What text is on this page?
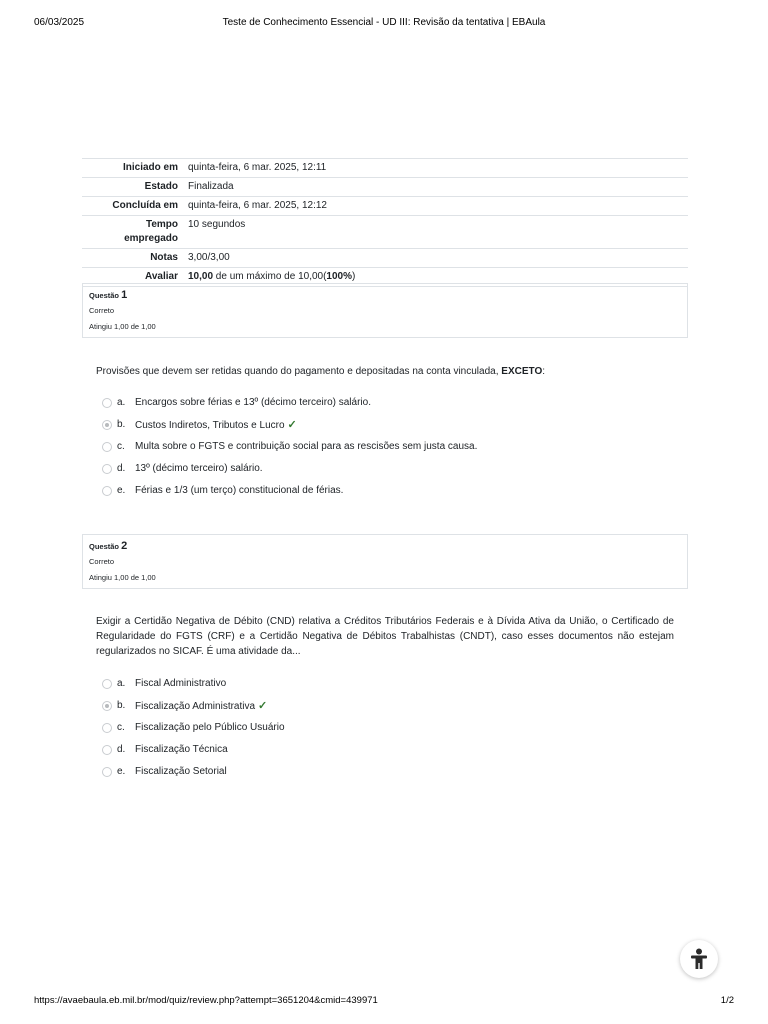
06/03/2025	Teste de Conhecimento Essencial - UD III: Revisão da tentativa | EBAula
Iniciado em	quinta-feira, 6 mar. 2025, 12:11
Estado	Finalizada
Concluída em	quinta-feira, 6 mar. 2025, 12:12
Tempo
empregado	10 segundos
Notas	3,00/3,00
Avaliar	10,00 de um máximo de 10,00(100%)
Questão 1
Correto
Atingiu 1,00 de 1,00
Provisões que devem ser retidas quando do pagamento e depositadas na conta vinculada, EXCETO:
a. Encargos sobre férias e 13º (décimo terceiro) salário.
b. Custos Indiretos, Tributos e Lucro ✓
c. Multa sobre o FGTS e contribuição social para as rescisões sem justa causa.
d. 13º (décimo terceiro) salário.
e. Férias e 1/3 (um terço) constitucional de férias.
Questão 2
Correto
Atingiu 1,00 de 1,00
Exigir a Certidão Negativa de Débito (CND) relativa a Créditos Tributários Federais e à Dívida Ativa da União, o Certificado de Regularidade do FGTS (CRF) e a Certidão Negativa de Débitos Trabalhistas (CNDT), caso esses documentos não estejam regularizados no SICAF. É uma atividade da...
a. Fiscal Administrativo
b. Fiscalização Administrativa ✓
c. Fiscalização pelo Público Usuário
d. Fiscalização Técnica
e. Fiscalização Setorial
https://avaebaula.eb.mil.br/mod/quiz/review.php?attempt=3651204&cmid=439971	1/2
